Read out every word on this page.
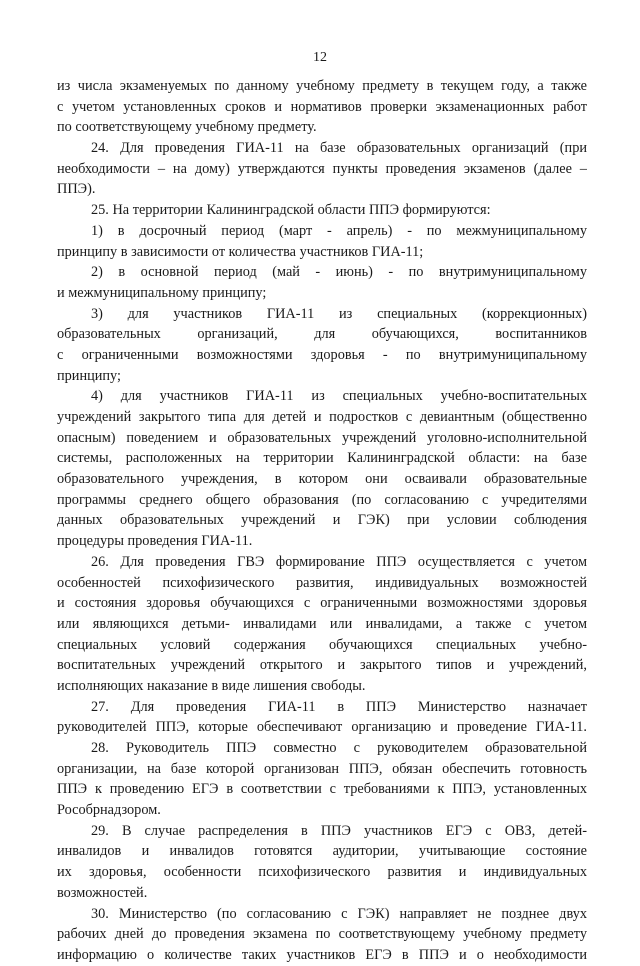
12
из числа экзаменуемых по данному учебному предмету в текущем году, а также
с учетом установленных сроков и нормативов проверки экзаменационных работ
по соответствующему учебному предмету.
24. Для проведения ГИА-11 на базе образовательных организаций (при
необходимости – на дому) утверждаются пункты проведения экзаменов (далее –
ППЭ).
25. На территории Калининградской области ППЭ формируются:
1) в досрочный период (март - апрель) - по межмуниципальному
принципу в зависимости от количества участников ГИА-11;
2) в основной период (май - июнь) - по внутримуниципальному
и межмуниципальному принципу;
3) для участников ГИА-11 из специальных (коррекционных)
образовательных организаций, для обучающихся, воспитанников
с ограниченными возможностями здоровья - по внутримуниципальному
принципу;
4) для участников ГИА-11 из специальных учебно-воспитательных
учреждений закрытого типа для детей и подростков с девиантным (общественно
опасным) поведением и образовательных учреждений уголовно-исполнительной
системы, расположенных на территории Калининградской области: на базе
образовательного учреждения, в котором они осваивали образовательные
программы среднего общего образования (по согласованию с учредителями
данных образовательных учреждений и ГЭК) при условии соблюдения
процедуры проведения ГИА-11.
26. Для проведения ГВЭ формирование ППЭ осуществляется с учетом
особенностей психофизического развития, индивидуальных возможностей
и состояния здоровья обучающихся с ограниченными возможностями здоровья
или являющихся детьми- инвалидами или инвалидами, а также с учетом
специальных условий содержания обучающихся специальных учебно-
воспитательных учреждений открытого и закрытого типов и учреждений,
исполняющих наказание в виде лишения свободы.
27. Для проведения ГИА-11 в ППЭ Министерство назначает
руководителей ППЭ, которые обеспечивают организацию и проведение ГИА-11.
28. Руководитель ППЭ совместно с руководителем образовательной
организации, на базе которой организован ППЭ, обязан обеспечить готовность
ППЭ к проведению ЕГЭ в соответствии с требованиями к ППЭ, установленных
Рособрнадзором.
29. В случае распределения в ППЭ участников ЕГЭ с ОВЗ, детей-
инвалидов и инвалидов готовятся аудитории, учитывающие состояние
их здоровья, особенности психофизического развития и индивидуальных
возможностей.
30. Министерство (по согласованию с ГЭК) направляет не позднее двух
рабочих дней до проведения экзамена по соответствующему учебному предмету
информацию о количестве таких участников ЕГЭ в ППЭ и о необходимости
